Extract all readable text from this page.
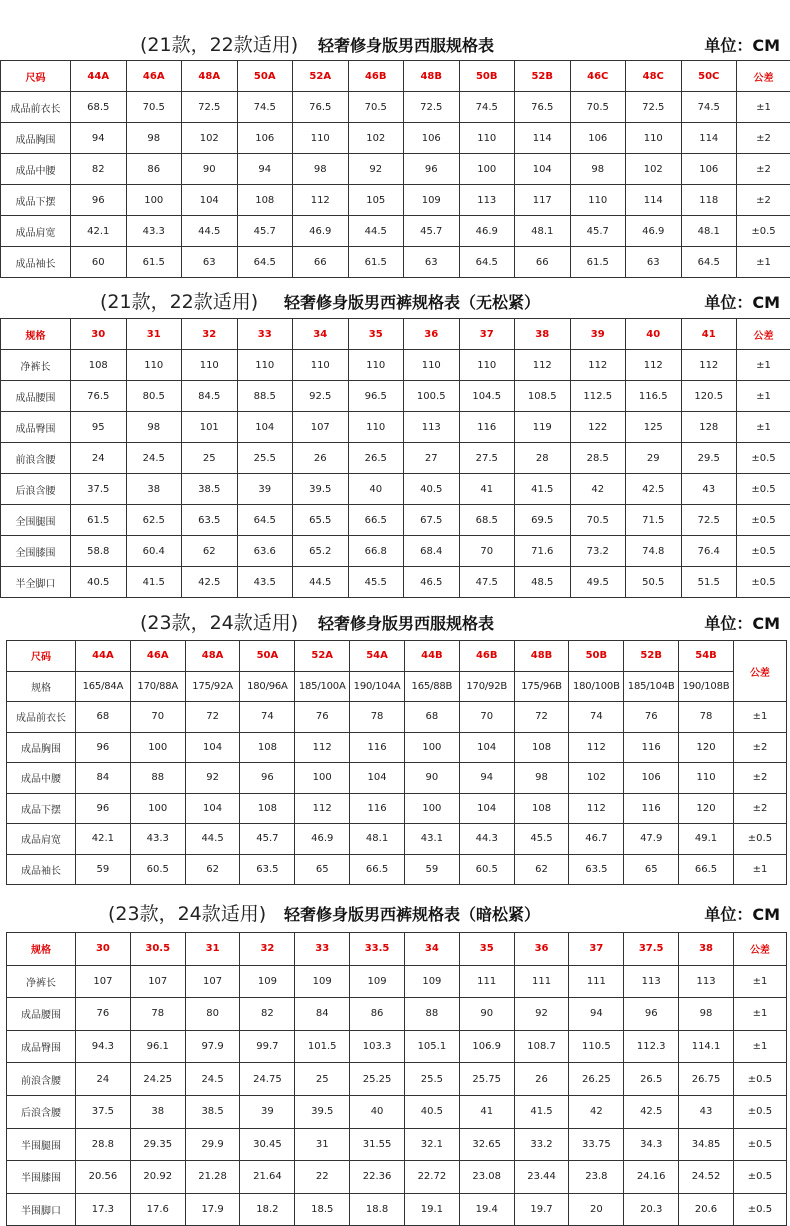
(21款，22款适用) 轻奢修身版男西服规格表	单位：CM
尺码	44A	46A	48A	50A	52A	46B	48B	50B	52B	46C	48C	50C	公差
成品前衣长	68.5	70.5	72.5	74.5	76.5	70.5	72.5	74.5	76.5	70.5	72.5	74.5	±1
成品胸围	94	98	102	106	110	102	106	110	114	106	110	114	±2
成品中腰	82	86	90	94	98	92	96	100	104	98	102	106	±2
成品下摆	96	100	104	108	112	105	109	113	117	110	114	118	±2
成品肩宽	42.1	43.3	44.5	45.7	46.9	44.5	45.7	46.9	48.1	45.7	46.9	48.1	±0.5
成品袖长	60	61.5	63	64.5	66	61.5	63	64.5	66	61.5	63	64.5	±1
(21款，22款适用) 轻奢修身版男西裤规格表（无松紧）	单位：CM
规格	30	31	32	33	34	35	36	37	38	39	40	41	公差
净裤长	108	110	110	110	110	110	110	110	112	112	112	112	±1
成品腰围	76.5	80.5	84.5	88.5	92.5	96.5	100.5	104.5	108.5	112.5	116.5	120.5	±1
成品臀围	95	98	101	104	107	110	113	116	119	122	125	128	±1
前浪含腰	24	24.5	25	25.5	26	26.5	27	27.5	28	28.5	29	29.5	±0.5
后浪含腰	37.5	38	38.5	39	39.5	40	40.5	41	41.5	42	42.5	43	±0.5
全围腿围	61.5	62.5	63.5	64.5	65.5	66.5	67.5	68.5	69.5	70.5	71.5	72.5	±0.5
全围膝围	58.8	60.4	62	63.6	65.2	66.8	68.4	70	71.6	73.2	74.8	76.4	±0.5
半全脚口	40.5	41.5	42.5	43.5	44.5	45.5	46.5	47.5	48.5	49.5	50.5	51.5	±0.5
(23款，24款适用) 轻奢修身版男西服规格表	单位：CM
尺码	44A	46A	48A	50A	52A	54A	44B	46B	48B	50B	52B	54B	公差
规格	165/84A	170/88A	175/92A	180/96A	185/100A	190/104A	165/88B	170/92B	175/96B	180/100B	185/104B	190/108B	
成品前衣长	68	70	72	74	76	78	68	70	72	74	76	78	±1
成品胸围	96	100	104	108	112	116	100	104	108	112	116	120	±2
成品中腰	84	88	92	96	100	104	90	94	98	102	106	110	±2
成品下摆	96	100	104	108	112	116	100	104	108	112	116	120	±2
成品肩宽	42.1	43.3	44.5	45.7	46.9	48.1	43.1	44.3	45.5	46.7	47.9	49.1	±0.5
成品袖长	59	60.5	62	63.5	65	66.5	59	60.5	62	63.5	65	66.5	±1
(23款，24款适用) 轻奢修身版男西裤规格表（暗松紧）	单位：CM
规格	30	30.5	31	32	33	33.5	34	35	36	37	37.5	38	公差
净裤长	107	107	107	109	109	109	109	111	111	111	113	113	±1
成品腰围	76	78	80	82	84	86	88	90	92	94	96	98	±1
成品臀围	94.3	96.1	97.9	99.7	101.5	103.3	105.1	106.9	108.7	110.5	112.3	114.1	±1
前浪含腰	24	24.25	24.5	24.75	25	25.25	25.5	25.75	26	26.25	26.5	26.75	±0.5
后浪含腰	37.5	38	38.5	39	39.5	40	40.5	41	41.5	42	42.5	43	±0.5
半围腿围	28.8	29.35	29.9	30.45	31	31.55	32.1	32.65	33.2	33.75	34.3	34.85	±0.5
半围膝围	20.56	20.92	21.28	21.64	22	22.36	22.72	23.08	23.44	23.8	24.16	24.52	±0.5
半围脚口	17.3	17.6	17.9	18.2	18.5	18.8	19.1	19.4	19.7	20	20.3	20.6	±0.5
